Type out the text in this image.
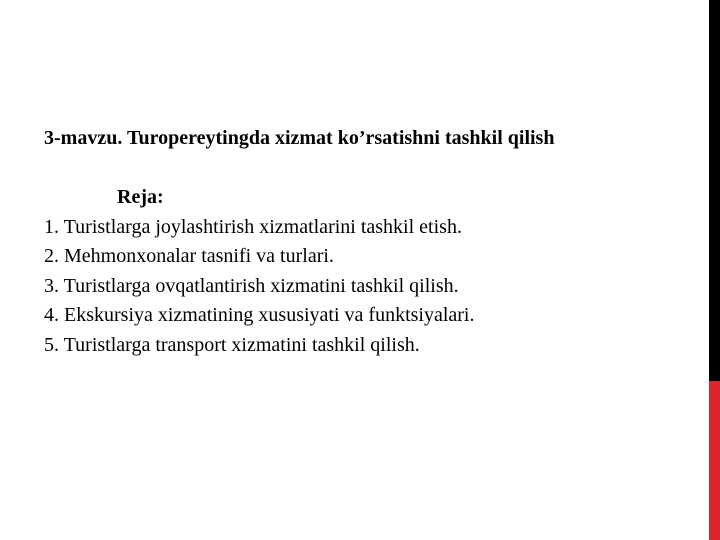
3-mavzu. Turopereytingda xizmat ko’rsatishni tashkil qilish
Reja:
1. Turistlarga joylashtirish xizmatlarini tashkil etish.
2. Mehmonxonalar tasnifi va turlari.
3. Turistlarga ovqatlantirish xizmatini tashkil qilish.
4. Ekskursiya xizmatining xususiyati va funktsiyalari.
5. Turistlarga transport xizmatini tashkil qilish.
